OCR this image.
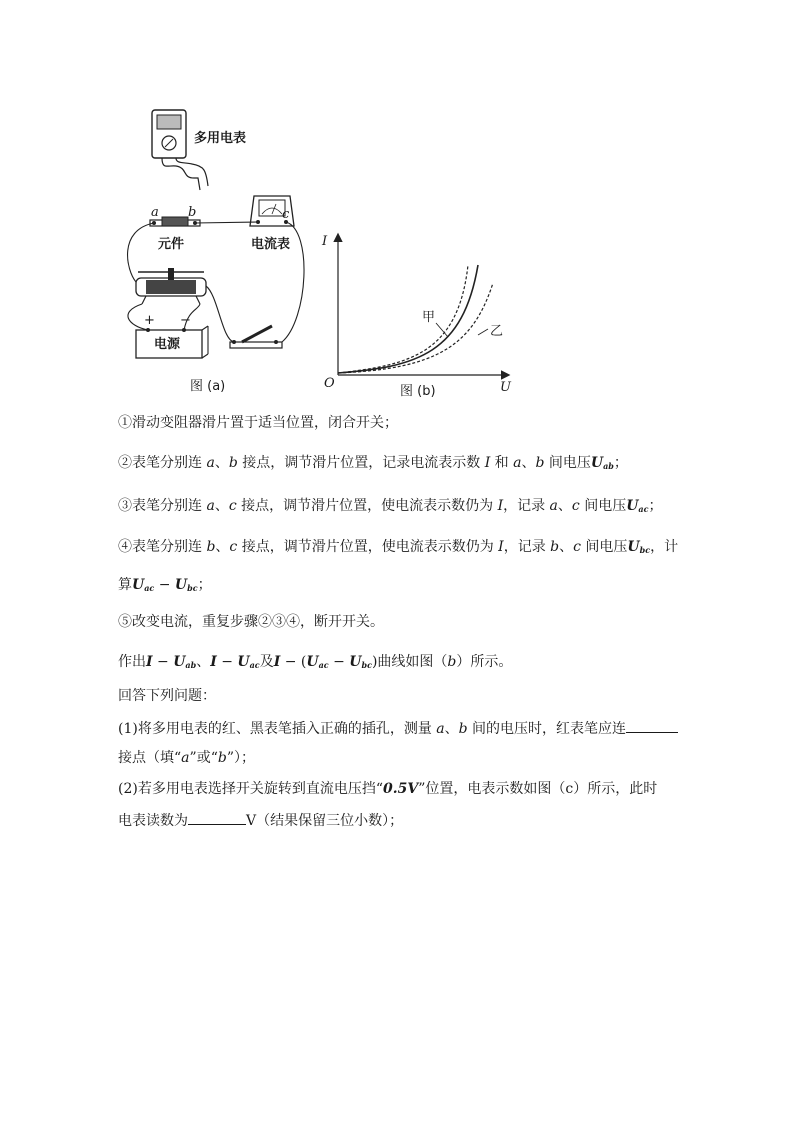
多用电表
a b
元件
c
电流表
+ −
电源
图 (a)
I
U
O
甲
乙
图 (b)
①滑动变阻器滑片置于适当位置，闭合开关；
②表笔分别连 a、b 接点，调节滑片位置，记录电流表示数 I 和 a、b 间电压$U_{ab}$；
③表笔分别连 a、c 接点，调节滑片位置，使电流表示数仍为 I，记录 a、c 间电压$U_{ac}$；
④表笔分别连 b、c 接点，调节滑片位置，使电流表示数仍为 I，记录 b、c 间电压$U_{bc}$，计
算$U_{ac} - U_{bc}$；
⑤改变电流，重复步骤②③④，断开开关。
作出$I - U_{ab}$、$I - U_{ac}$及$I - (U_{ac} - U_{bc})$曲线如图（b）所示。
回答下列问题：
(1)将多用电表的红、黑表笔插入正确的插孔，测量 a、b 间的电压时，红表笔应连
接点（填“a”或“b”）；
(2)若多用电表选择开关旋转到直流电压挡“0.5V”位置，电表示数如图（c）所示，此时
电表读数为	V（结果保留三位小数）；
